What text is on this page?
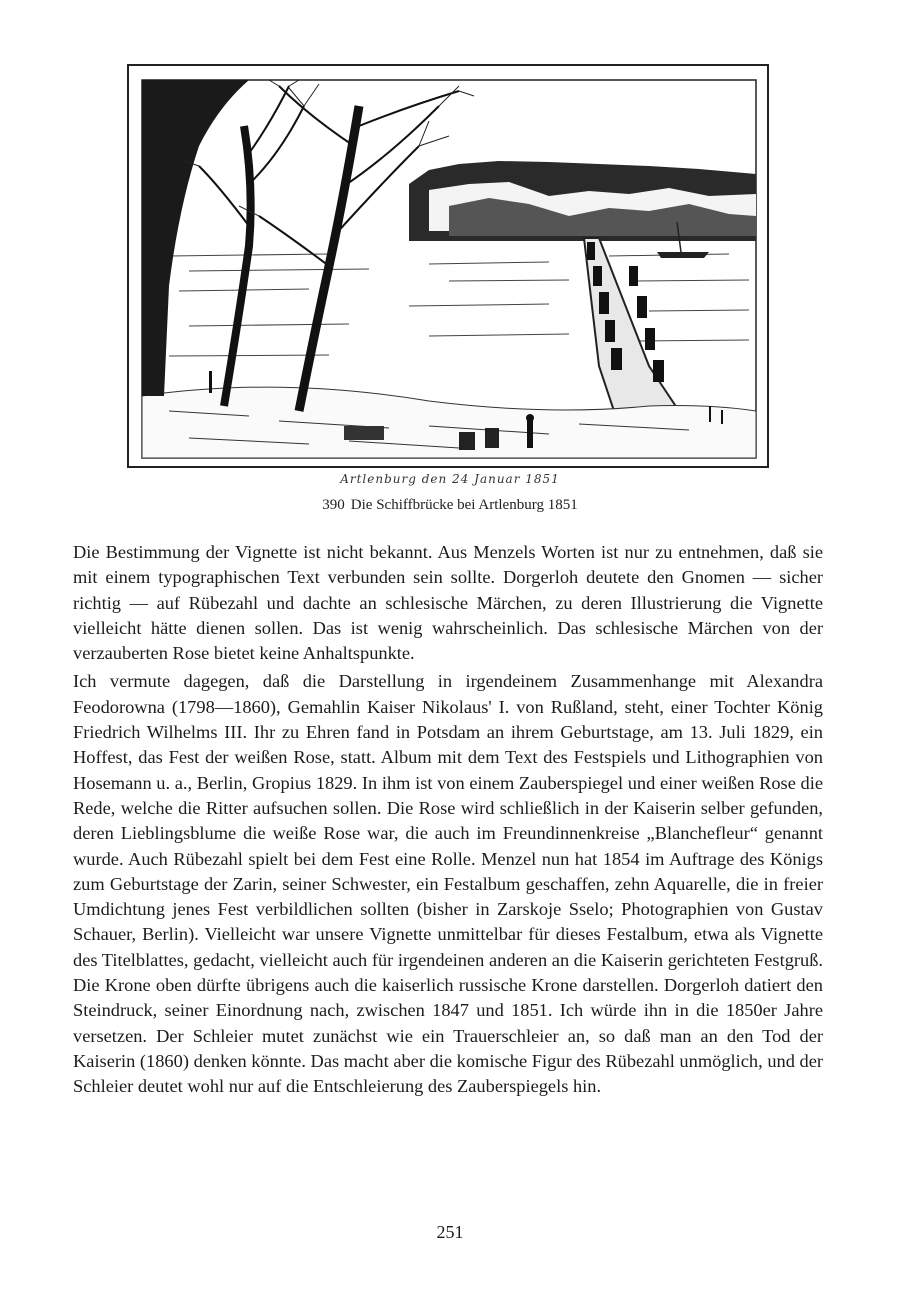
Artlenburg den 24 Januar 1851
390 Die Schiffbrücke bei Artlenburg 1851

Die Bestimmung der Vignette ist nicht bekannt. Aus Menzels Worten ist nur zu entnehmen, daß sie mit einem typographischen Text verbunden sein sollte. Dorgerloh deutete den Gnomen — sicher richtig — auf Rübezahl und dachte an schlesische Märchen, zu deren Illustrierung die Vignette vielleicht hätte dienen sollen. Das ist wenig wahrscheinlich. Das schlesische Märchen von der verzauberten Rose bietet keine Anhaltspunkte.

Ich vermute dagegen, daß die Darstellung in irgendeinem Zusammenhange mit Alexandra Feodorowna (1798—1860), Gemahlin Kaiser Nikolaus' I. von Rußland, steht, einer Tochter König Friedrich Wilhelms III. Ihr zu Ehren fand in Potsdam an ihrem Geburtstage, am 13. Juli 1829, ein Hoffest, das Fest der weißen Rose, statt. Album mit dem Text des Festspiels und Lithographien von Hosemann u. a., Berlin, Gropius 1829. In ihm ist von einem Zauberspiegel und einer weißen Rose die Rede, welche die Ritter aufsuchen sollen. Die Rose wird schließlich in der Kaiserin selber gefunden, deren Lieblingsblume die weiße Rose war, die auch im Freundinnenkreise „Blanchefleur“ genannt wurde. Auch Rübezahl spielt bei dem Fest eine Rolle. Menzel nun hat 1854 im Auftrage des Königs zum Geburtstage der Zarin, seiner Schwester, ein Festalbum geschaffen, zehn Aquarelle, die in freier Umdichtung jenes Fest verbildlichen sollten (bisher in Zarskoje Sselo; Photographien von Gustav Schauer, Berlin). Vielleicht war unsere Vignette unmittelbar für dieses Festalbum, etwa als Vignette des Titelblattes, gedacht, vielleicht auch für irgendeinen anderen an die Kaiserin gerichteten Festgruß. Die Krone oben dürfte übrigens auch die kaiserlich russische Krone darstellen. Dorgerloh datiert den Steindruck, seiner Einordnung nach, zwischen 1847 und 1851. Ich würde ihn in die 1850er Jahre versetzen. Der Schleier mutet zunächst wie ein Trauerschleier an, so daß man an den Tod der Kaiserin (1860) denken könnte. Das macht aber die komische Figur des Rübezahl unmöglich, und der Schleier deutet wohl nur auf die Entschleierung des Zauberspiegels hin.

251
